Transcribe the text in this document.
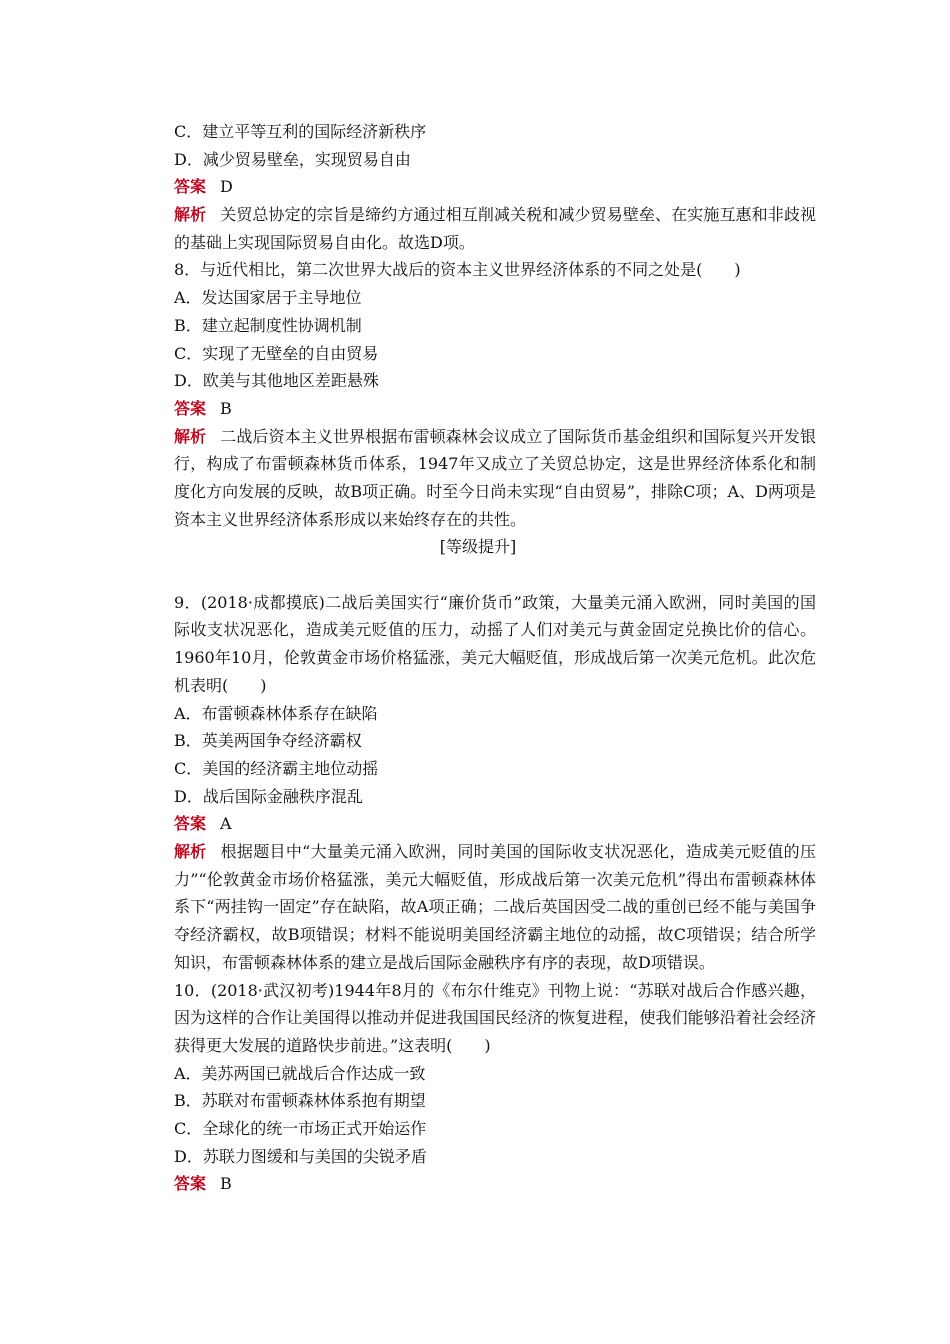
C．建立平等互利的国际经济新秩序
D．减少贸易壁垒，实现贸易自由
答案 D

解析 关贸总协定的宗旨是缔约方通过相互削减关税和减少贸易壁垒、在实施互惠和非歧视的基础上实现国际贸易自由化。故选D项。

8．与近代相比，第二次世界大战后的资本主义世界经济体系的不同之处是(　　)
A．发达国家居于主导地位
B．建立起制度性协调机制
C．实现了无壁垒的自由贸易
D．欧美与其他地区差距悬殊
答案 B

解析 二战后资本主义世界根据布雷顿森林会议成立了国际货币基金组织和国际复兴开发银行，构成了布雷顿森林货币体系，1947年又成立了关贸总协定，这是世界经济体系化和制度化方向发展的反映，故B项正确。时至今日尚未实现“自由贸易”，排除C项；A、D两项是资本主义世界经济体系形成以来始终存在的共性。

[等级提升]

9．(2018·成都摸底)二战后美国实行“廉价货币”政策，大量美元涌入欧洲，同时美国的国际收支状况恶化，造成美元贬值的压力，动摇了人们对美元与黄金固定兑换比价的信心。1960年10月，伦敦黄金市场价格猛涨，美元大幅贬值，形成战后第一次美元危机。此次危机表明(　　)

A．布雷顿森林体系存在缺陷
B．英美两国争夺经济霸权
C．美国的经济霸主地位动摇
D．战后国际金融秩序混乱
答案 A

解析 根据题目中“大量美元涌入欧洲，同时美国的国际收支状况恶化，造成美元贬值的压力”“伦敦黄金市场价格猛涨，美元大幅贬值，形成战后第一次美元危机”得出布雷顿森林体系下“两挂钩一固定”存在缺陷，故A项正确；二战后英国因受二战的重创已经不能与美国争夺经济霸权，故B项错误；材料不能说明美国经济霸主地位的动摇，故C项错误；结合所学知识，布雷顿森林体系的建立是战后国际金融秩序有序的表现，故D项错误。

10．(2018·武汉初考)1944年8月的《布尔什维克》刊物上说：“苏联对战后合作感兴趣，因为这样的合作让美国得以推动并促进我国国民经济的恢复进程，使我们能够沿着社会经济获得更大发展的道路快步前进。”这表明(　　)

A．美苏两国已就战后合作达成一致
B．苏联对布雷顿森林体系抱有期望
C．全球化的统一市场正式开始运作
D．苏联力图缓和与美国的尖锐矛盾
答案 B
